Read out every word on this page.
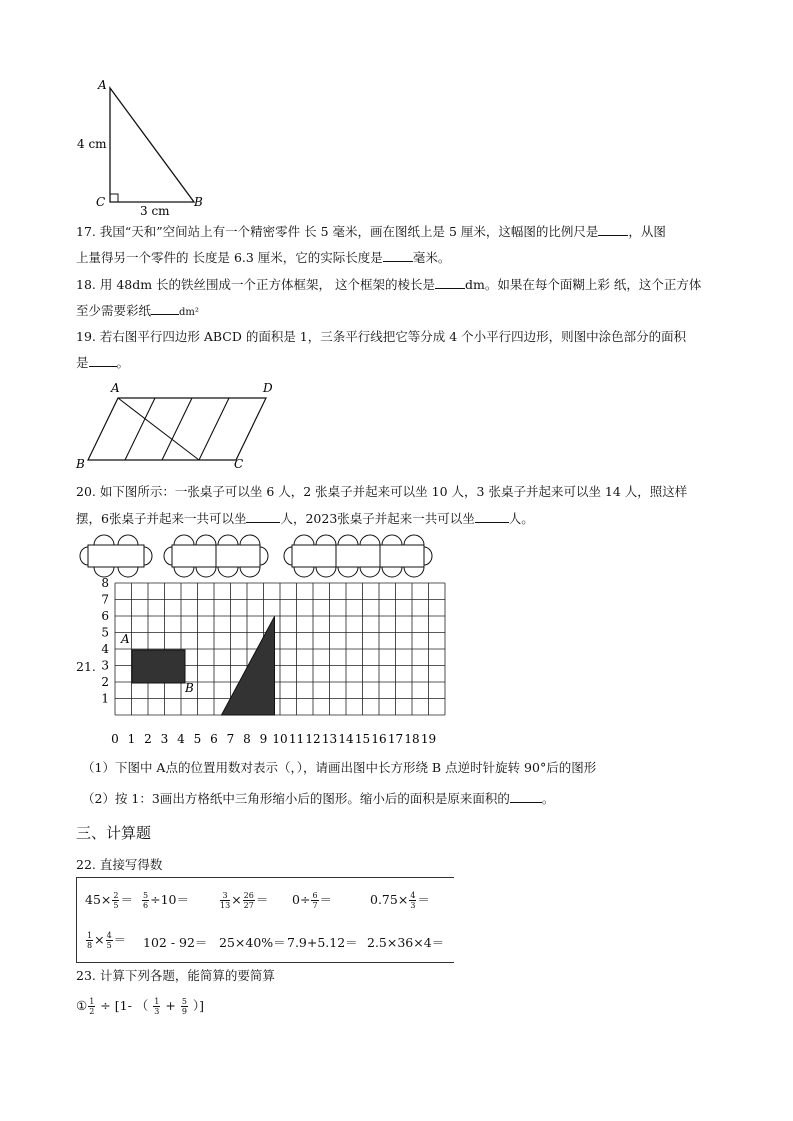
A
C	B
4 cm
3 cm
17. 我国“天和”空间站上有一个精密零件 长 5 毫米，画在图纸上是 5 厘米，这幅图的比例尺是 ，从图
上量得另一个零件的 长度是 6.3 厘米，它的实际长度是 毫米。
18. 用 48dm 长的铁丝围成一个正方体框架， 这个框架的棱长是 dm。如果在每个面糊上彩 纸，这个正方体
至少需要彩纸	dm²
19. 若右图平行四边形 ABCD 的面积是 1，三条平行线把它等分成 4 个小平行四边形，则图中涂色部分的面积
是 。
A	D
B	C
20. 如下图所示：一张桌子可以坐 6 人，2 张桌子并起来可以坐 10 人，3 张桌子并起来可以坐 14 人，照这样
摆，6张桌子并起来一共可以坐	人，2023张桌子并起来一共可以坐	人。
21.
A
B
0 1 2 3 4 5 6 7 8 9 10 11 12 13 14 15 16 17 18 19
1
2
3
4
5
6
7
8
（1）下图中 A点的位置用数对表示（，），请画出图中长方形绕 B 点逆时针旋转 90°后的图形
（2）按 1：3画出方格纸中三角形缩小后的图形。缩小后的面积是原来面积的	。
三、计算题
22. 直接写得数
$45\times \frac{2}{5} = \frac{5}{6} \div 10=$	$\frac{3}{13} \times \frac{26}{27} = 0\div \frac{6}{7}$ ＝	$0.75\times \frac{4}{3}$ ＝
$\frac{1}{8} \times \frac{4}{5} = 102 - 92= 25\times 40\%= 7.9+5.12= 2.5\times 36\times 4=$
23. 计算下列各题，能简算的要简算
① $\frac{1}{2} \div [1-$ （ $\frac{1}{3} + \frac{5}{9}$ ）]
